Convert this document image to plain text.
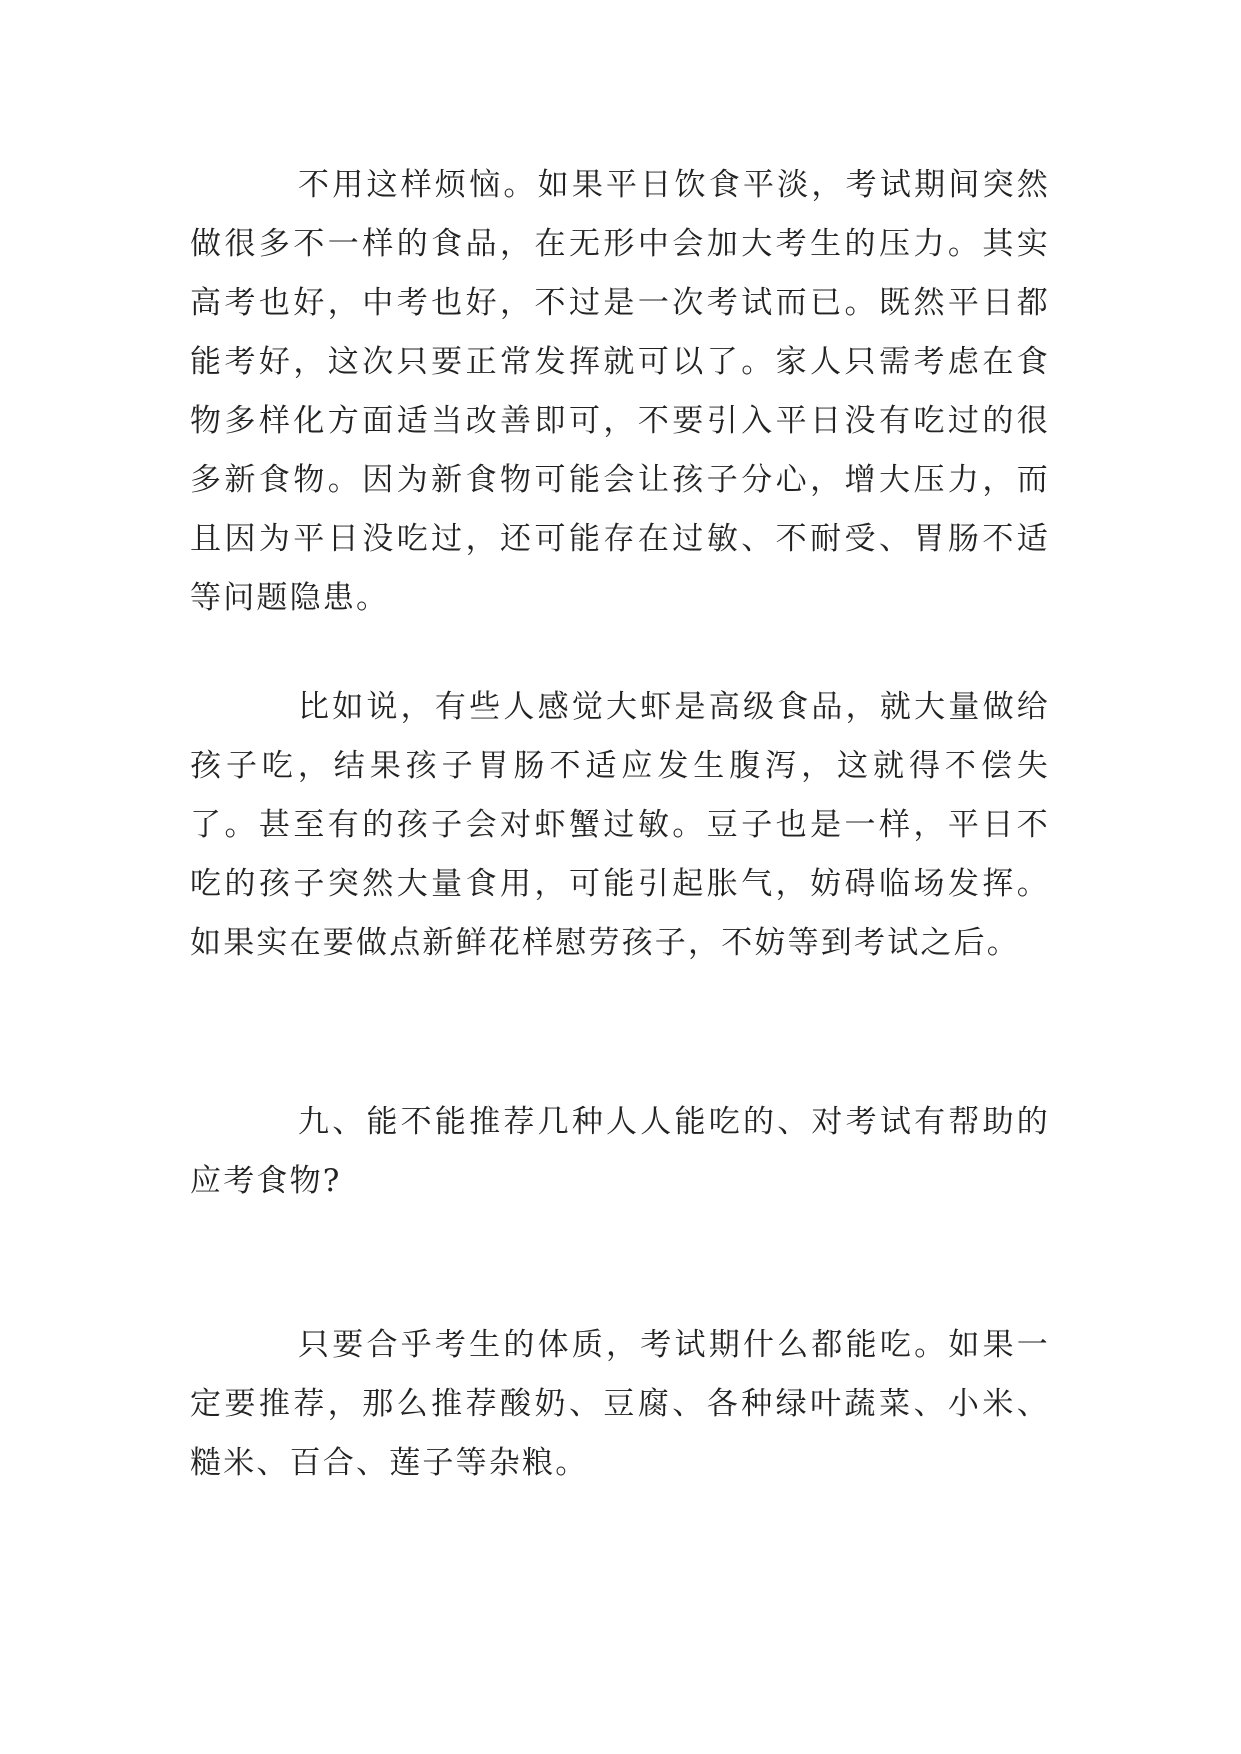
不用这样烦恼。如果平日饮食平淡，考试期间突然做很多不一样的食品，在无形中会加大考生的压力。其实高考也好，中考也好，不过是一次考试而已。既然平日都能考好，这次只要正常发挥就可以了。家人只需考虑在食物多样化方面适当改善即可，不要引入平日没有吃过的很多新食物。因为新食物可能会让孩子分心，增大压力，而且因为平日没吃过，还可能存在过敏、不耐受、胃肠不适等问题隐患。

比如说，有些人感觉大虾是高级食品，就大量做给孩子吃，结果孩子胃肠不适应发生腹泻，这就得不偿失了。甚至有的孩子会对虾蟹过敏。豆子也是一样，平日不吃的孩子突然大量食用，可能引起胀气，妨碍临场发挥。如果实在要做点新鲜花样慰劳孩子，不妨等到考试之后。

九、能不能推荐几种人人能吃的、对考试有帮助的应考食物?

只要合乎考生的体质，考试期什么都能吃。如果一定要推荐，那么推荐酸奶、豆腐、各种绿叶蔬菜、小米、糙米、百合、莲子等杂粮。
